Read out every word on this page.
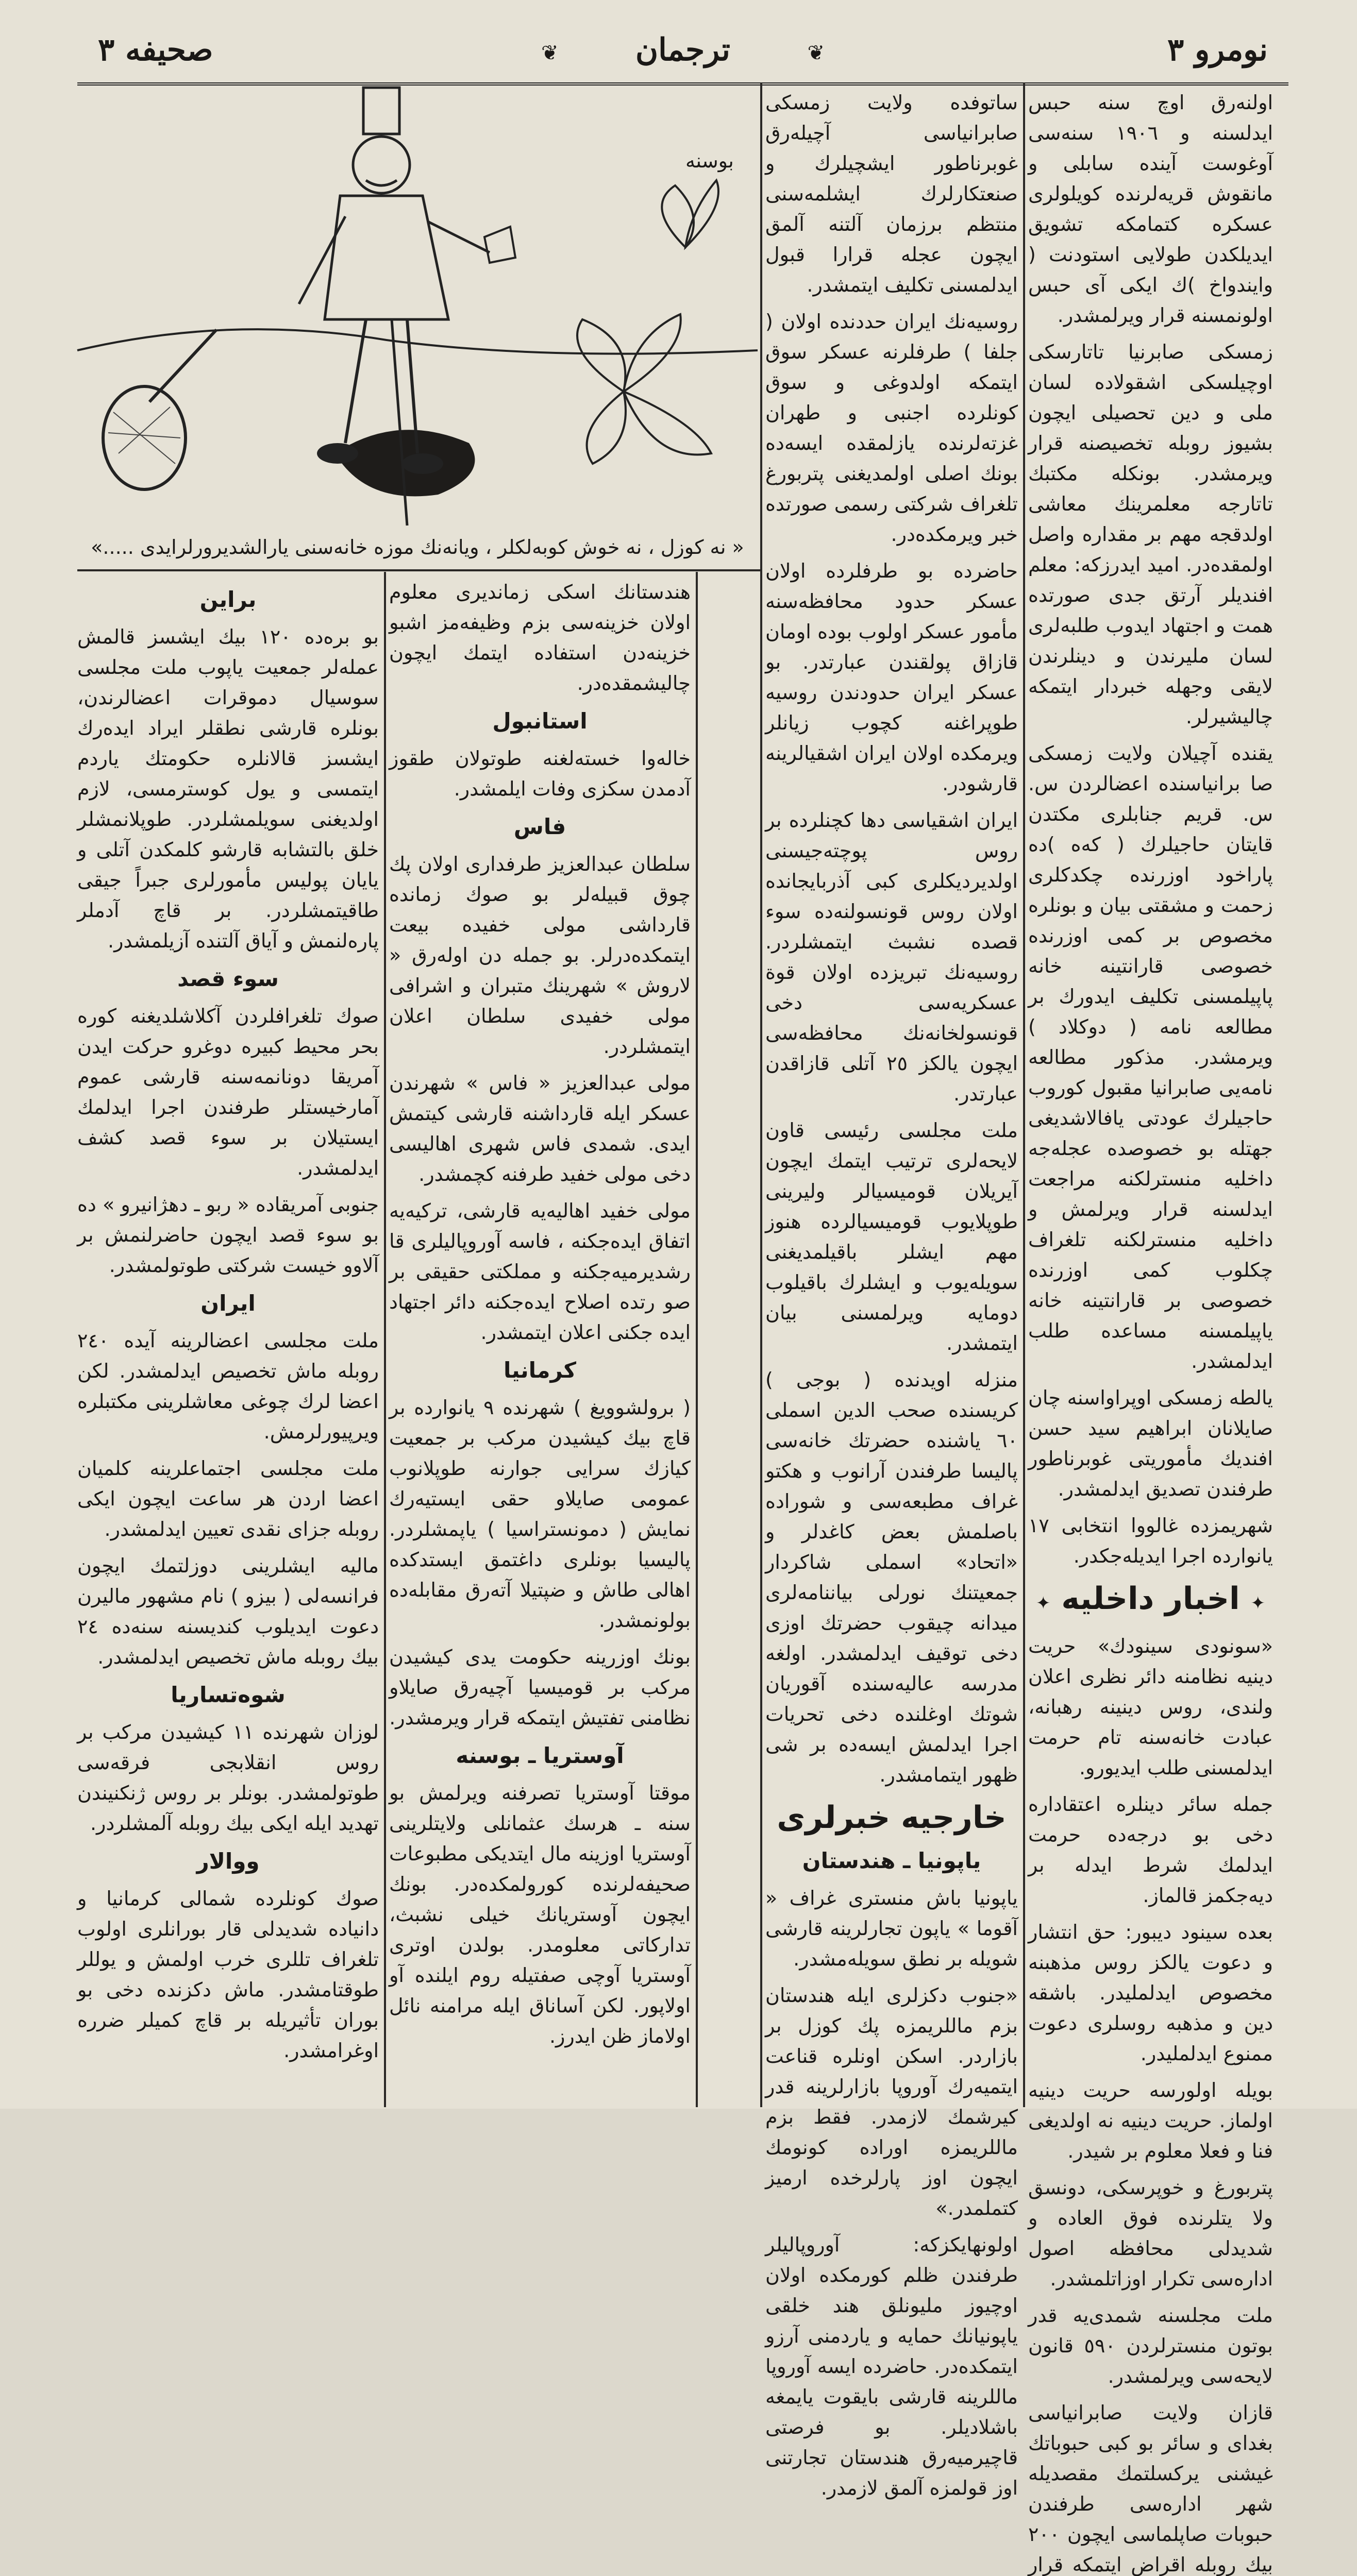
نومرو ٣
❦
ترجمان
❦
صحیفه ٣
بوسنه
« نه كوزل ، نه خوش كوبه‌لكلر ، ويانه‌نك موزه خانه‌سنی يارالشديرورلرايدی ‌‌‌‌‌‌‌‌.....»

اولنه‌رق اوچ سنه حبس ايدلسنه و ١٩٠٦ سنه‌سی آوغوست آينده سابلی و مانقوش قريه‌لرنده كويلولری عسكره كتمامكه تشويق ايديلكدن طولايی استودنت ( وايندواخ )ك ايكی آی حبس اولونمسنه قرار ويرلمشدر.

زمسكی صابرنيا تاتارسكی اوچيلسكی اشقولاده لسان ملی و دين تحصيلی ايچون بشيوز روبله تخصيصنه قرار ويرمشدر. بونكله مكتبك تاتارجه معلمرينك معاشی اولدقجه مهم بر مقداره واصل اولمقده‌در. اميد ايدرزكه: معلم افنديلر آرتق جدی صورتده همت و اجتهاد ايدوب طلبه‌لری لسان مليرندن و دينلرندن لايقی وجهله خبردار ايتمكه چاليشيرلر.

يقنده آچيلان ولايت زمسكی صا برانياسنده اعضالردن س. س. قريم جنابلری مكتدن قايتان حاجيلرك ( كه‌ه )ده پاراخود اوزرنده چكدكلری زحمت و مشقتی بيان و بونلره مخصوص بر كمی اوزرنده خصوصی قارانتينه خانه پاپيلمسنی تكليف ايدورك بر مطالعه نامه ( دوكلاد ) ويرمشدر. مذكور مطالعه نامه‌يی صابرانيا مقبول كوروب حاجيلرك عودتی يافالاشديغی جهتله بو خصوصده عجله‌جه داخليه منسترلكنه مراجعت ايدلسنه قرار ويرلمش و داخليه منسترلكنه تلغراف چكلوب كمی اوزرنده خصوصی بر قارانتينه خانه ياپيلمسنه مساعده طلب ايدلمشدر.

يالطه زمسكی اوپراواسنه چان صايلانان ابراهيم سيد حسن افنديك مأموريتی غوبرناطور طرفندن تصديق ايدلمشدر.

شهريمزده غالووا انتخابی ١٧ يانوارده اجرا ايديله‌جكدر.

✦ اخبار داخليه ✦

«سونودی سينودك» حريت دينيه نظامنه دائر نظری اعلان ولندی، روس دينينه رهبانه، عبادت خانه‌سنه تام حرمت ايدلمسنی طلب ايديورو.

جمله سائر دينلره اعتقاداره دخی بو درجه‌ده حرمت ايدلمك شرط ايدله بر ديه‌جكمز قالماز.

بعده سينود ديبور: حق انتشار و دعوت يالكز روس مذهبنه مخصوص ايدلمليدر. باشقه دين و مذهبه روسلری دعوت ممنوع ايدلمليدر.

بويله اولورسه حريت دينيه اولماز. حريت دينيه نه اولديغی فنا و فعلا معلوم بر شيدر.

پتربورغ و خوپرسكی، دونسق ولا يتلرنده فوق العاده و شديدلی محافظه اصول اداره‌سی تكرار اوزاتلمشدر.

ملت مجلسنه شمدی‌يه قدر بوتون منسترلردن ٥٩٠ قانون لايحه‌سی ويرلمشدر.

قازان ولايت صابرانياسی بغدای و سائر بو كبی حبوباتك غيشنی يركسلتمك مقصديله شهر اداره‌سی طرفندن حبوبات صاپلماسی ايچون ٢٠٠ بيك روبله اقراض ايتمكه قرار

ساتوفده ولايت زمسكی صابرانياسی آچيله‌رق غوبرناطور ايشچيلرك و صنعتكارلرك ايشلمه‌سنی منتظم برزمان آلتنه آلمق ايچون عجله قرارا قبول ايدلمسنی تكليف ايتمشدر.

روسيه‌نك ايران حددنده اولان ( جلفا ) طرفلرنه عسكر سوق ايتمكه اولدوغی و سوق كونلرده اجنبی و طهران غزته‌لرنده يازلمقده ايسه‌ده بونك اصلی اولمديغنی پتربورغ تلغراف شركتی رسمی صورتده خبر ويرمكده‌در.

حاضرده بو طرفلرده اولان عسكر حدود محافظه‌سنه مأمور عسكر اولوب بوده اومان قازاق پولقندن عبارتدر. بو عسكر ايران حدودندن روسيه طوپراغنه كچوب زيانلر ويرمكده اولان ايران اشقيالرينه قارشودر.

ايران اشقياسی دها كچنلرده بر روس پوچته‌جيسنی اولديرديكلری كبی آذربايجانده اولان روس قونسولنه‌ده سوء قصده نشبث ايتمشلردر. روسيه‌نك تبريزده اولان قوة عسكريه‌سی دخی قونسولخانه‌نك محافظه‌سی ايچون يالكز ٢٥ آتلی قازاقدن عبارتدر.

ملت مجلسی رئيسی قاون لايحه‌لری ترتيب ايتمك ايچون آيريلان قوميسيالر وليرينی طوپلايوب قوميسيالرده هنوز مهم ايشلر باقيلمديغنی سويله‌يوب و ايشلرك باقيلوب دومايه ويرلمسنی بيان ايتمشدر.

منزله اويدنده ( بوجی ) كريسنده صحب الدين اسملی ٦٠ ياشنده حضرتك خانه‌سی پاليسا طرفندن آرانوب و هكتو غراف مطبعه‌سی و شوراده باصلمش بعض كاغدلر و «اتحاد» اسملی شاكردار جمعيتنك نورلی بياننامه‌لری ميدانه چيقوب حضرتك اوزی دخی توقيف ايدلمشدر. اولغه مدرسه عاليه‌سنده آقوريان شوتك اوغلنده دخی تحريات اجرا ايدلمش ايسه‌ده بر شی ظهور ايتمامشدر.

خارجيه خبرلری
ياپونيا ـ هندستان

ياپونيا باش منستری غراف « آقوما » ياپون تجارلرينه قارشی شويله بر نطق سويله‌مشدر.

«جنوب دكزلری ايله هندستان بزم ماللريمزه پك كوزل بر بازاردر. اسكن اونلره قناعت ايتميه‌رك آوروپا بازارلرينه قدر كيرشمك لازمدر. فقط بزم ماللريمزه اوراده كونومك ايچون اوز پارلرخده ارمیز كتملمدر.»

اولونهايكزكه: آوروپاليلر طرفندن ظلم كورمكده اولان اوچيوز مليونلق هند خلقی ياپونيانك حمايه و ياردمنی آرزو ايتمكده‌در. حاضرده ايسه آوروپا ماللرينه قارشی بايقوت يايمغه باشلاديلر. بو فرصتی قاچيرميه‌رق هندستان تجارتنی اوز قولمزه آلمق لازمدر.

هندستانك اسكی زمانديری معلوم اولان خزينه‌سی بزم وظيفه‌مز اشبو خزينه‌دن استفاده ايتمك ايچون چاليشمقده‌در.

استانبول

خاله‌وا خسته‌لغنه طوتولان طقوز آدمدن سكزی وفات ايلمشدر.

فاس

سلطان عبدالعزيز طرفداری اولان پك چوق قبيله‌لر بو صوك زمانده قارداشی مولی خفيده بيعت ايتمكده‌درلر. بو جمله دن اوله‌رق « لاروش » شهرينك متبران و اشرافی مولی خفيدی سلطان اعلان ايتمشلردر.

مولی عبدالعزيز « فاس » شهرندن عسكر ايله قارداشنه قارشی كيتمش ايدی. شمدی فاس شهری اهاليسی دخی مولی خفيد طرفنه كچمشدر.

مولی خفيد اهاليه‌يه قارشی، تركيه‌يه اتفاق ايده‌جكنه ، فاسه آوروپاليلری قا رشديرميه‌جكنه و مملكتی حقيقی بر صو رتده اصلاح ايده‌جكنه دائر اجتهاد ايده جكنی اعلان ايتمشدر.

كرمانيا

( برولشوويغ ) شهرنده ٩ يانوارده بر قاچ بيك كيشيدن مركب بر جمعيت كيازك سرايی جوارنه طوپلانوب عمومی صايلاو حقی ايستيه‌رك نمايش ( دمونستراسيا ) ياپمشلردر. پاليسيا بونلری داغتمق ايستدكده اهالی طاش و ضپتيلا آته‌رق مقابله‌ده بولونمشدر.

بونك اوزرينه حكومت يدی كيشيدن مركب بر قوميسيا آچيه‌رق صايلاو نظامنی تفتيش ايتمكه قرار ويرمشدر.

آوستريا ـ بوسنه

موقتا آوستريا تصرفنه ويرلمش بو سنه ـ هرسك عثمانلی ولايتلرينی آوستريا اوزينه مال ايتديكی مطبوعات صحيفه‌لرنده كورولمكده‌در. بونك ايچون آوستريانك خيلی نشبث، تداركاتی معلومدر. بولدن اوتری آوستريا آوچی صفتيله روم ايلنده آو اولاپور. لكن آساناق ايله مرامنه نائل اولاماز ظن ايدرز.

براين

بو بره‌ده ١٢٠ بيك ايشسز قالمش عمله‌لر جمعيت ياپوب ملت مجلسی سوسيال دموقرات اعضالرندن، بونلره قارشی نطقلر ايراد ايده‌رك ايشسز قالانلره حكومتك ياردم ايتمسی و يول كوسترمسی، لازم اولديغنی سويلمشلردر. طوپلانمشلر خلق بالتشابه قارشو كلمكدن آتلی و يایان پوليس مأمورلری جبراً جيقی طاقيتمشلردر. بر قاچ آدملر پاره‌لنمش و آياق آلتنده آزيلمشدر.

سوء قصد

صوك تلغرافلردن آكلاشلديغنه كوره بحر محيط كبيره دوغرو حركت ايدن آمريقا دونانمه‌سنه قارشی عموم آمارخيستلر طرفندن اجرا ايدلمك ايستيلان بر سوء قصد كشف ايدلمشدر.

جنوبی آمريقاده « ربو ـ دهژانيرو » ده بو سوء قصد ايچون حاضرلنمش بر آلاوو خيست شركتی طوتولمشدر.

ايران

ملت مجلسی اعضالرينه آيده ٢٤٠ روبله ماش تخصيص ايدلمشدر. لكن اعضا لرك چوغی معاشلرينی مكتبلره ويرپيورلرمش.

ملت مجلسی اجتماعلرينه كلميان اعضا اردن هر ساعت ايچون ايكی روبله جزای نقدی تعيين ايدلمشدر.

ماليه ايشلرينی دوزلتمك ايچون فرانسه‌لی ( بيزو ) نام مشهور ماليرن دعوت ايديلوب كنديسنه سنه‌ده ٢٤ بيك روبله ماش تخصيص ايدلمشدر.

شوه‌تساريا

لوزان شهرنده ١١ كيشيدن مركب بر روس انقلابجی فرقه‌سی طوتولمشدر. بونلر بر روس ژنكنيندن تهديد ايله ايكی بيك روبله آلمشلردر.

ووالار

صوك كونلرده شمالی كرمانيا و دانياده شديدلی قار بورانلری اولوب تلغراف تللری خرب اولمش و يوللر طوقتامشدر. ماش دكزنده دخی بو بوران تأثيريله بر قاچ كميلر ضرره اوغرامشدر.
